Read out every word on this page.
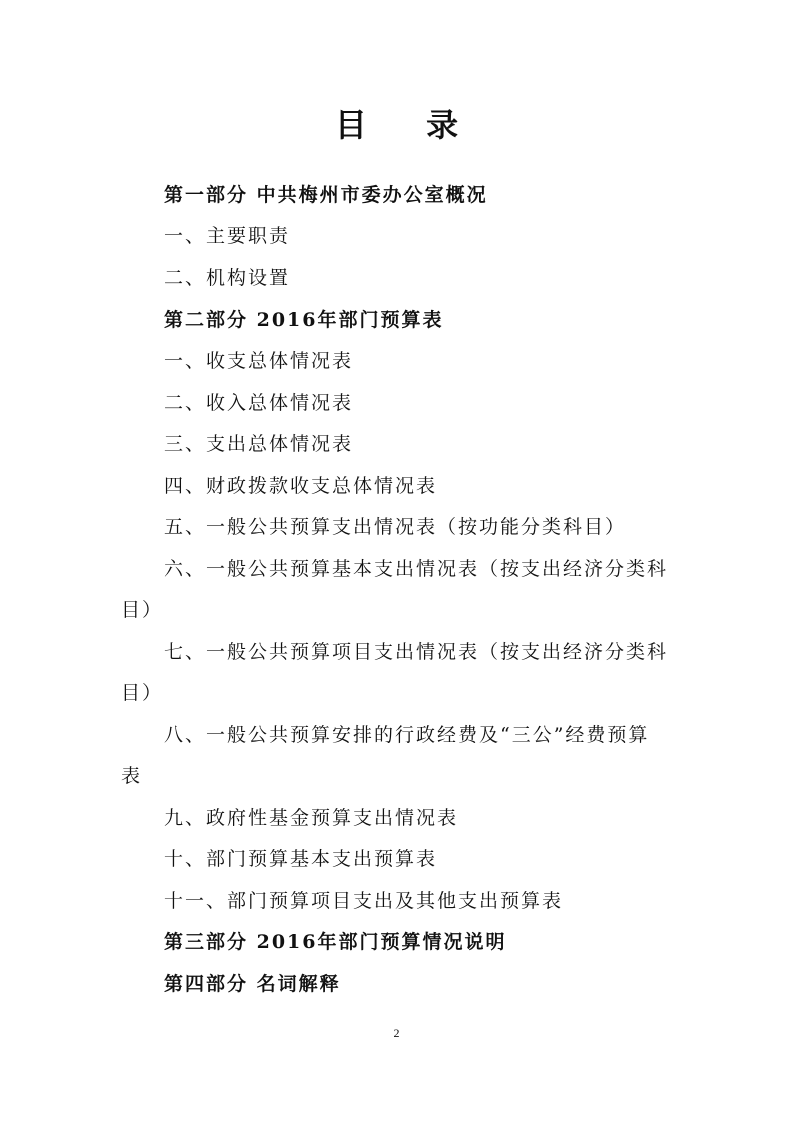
目 录
第一部分 中共梅州市委办公室概况
一、主要职责
二、机构设置
第二部分 2016年部门预算表
一、收支总体情况表
二、收入总体情况表
三、支出总体情况表
四、财政拨款收支总体情况表
五、一般公共预算支出情况表（按功能分类科目）
六、一般公共预算基本支出情况表（按支出经济分类科
目）
七、一般公共预算项目支出情况表（按支出经济分类科
目）
八、一般公共预算安排的行政经费及“三公”经费预算
表
九、政府性基金预算支出情况表
十、部门预算基本支出预算表
十一、部门预算项目支出及其他支出预算表
第三部分 2016年部门预算情况说明
第四部分 名词解释
2
